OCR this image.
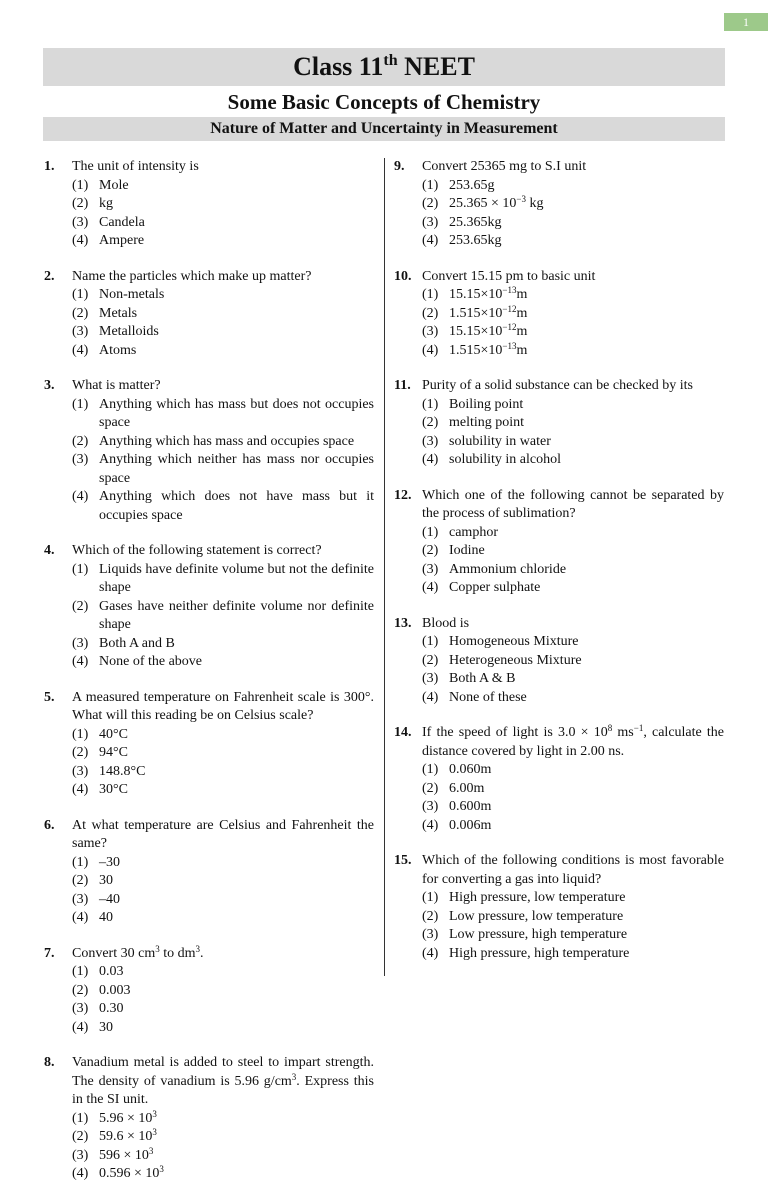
1
Class 11th NEET
Some Basic Concepts of Chemistry
Nature of Matter and Uncertainty in Measurement
1. The unit of intensity is
(1) Mole
(2) kg
(3) Candela
(4) Ampere
2. Name the particles which make up matter?
(1) Non-metals
(2) Metals
(3) Metalloids
(4) Atoms
3. What is matter?
(1) Anything which has mass but does not occupies space
(2) Anything which has mass and occupies space
(3) Anything which neither has mass nor occupies space
(4) Anything which does not have mass but it occupies space
4. Which of the following statement is correct?
(1) Liquids have definite volume but not the definite shape
(2) Gases have neither definite volume nor definite shape
(3) Both A and B
(4) None of the above
5. A measured temperature on Fahrenheit scale is 300°. What will this reading be on Celsius scale?
(1) 40°C
(2) 94°C
(3) 148.8°C
(4) 30°C
6. At what temperature are Celsius and Fahrenheit the same?
(1) –30
(2) 30
(3) –40
(4) 40
7. Convert 30 $cm^3$ to $dm^3$.
(1) 0.03
(2) 0.003
(3) 0.30
(4) 30
8. Vanadium metal is added to steel to impart strength. The density of vanadium is 5.96 $g/cm^3$. Express this in the SI unit.
(1) $5.96 \times 10^3$
(2) $59.6 \times 10^3$
(3) $596 \times 10^3$
(4) $0.596 \times 10^3$
9. Convert 25365 mg to S.I unit
(1) 253.65g
(2) $25.365 \times 10^{-3}$ kg
(3) 25.365kg
(4) 253.65kg
10. Convert 15.15 pm to basic unit
(1) $15.15\times 10^{-13}m$
(2) $1.515\times 10^{-12}m$
(3) $15.15\times 10^{-12}m$
(4) $1.515\times 10^{-13}m$
11. Purity of a solid substance can be checked by its
(1) Boiling point
(2) melting point
(3) solubility in water
(4) solubility in alcohol
12. Which one of the following cannot be separated by the process of sublimation?
(1) camphor
(2) Iodine
(3) Ammonium chloride
(4) Copper sulphate
13. Blood is
(1) Homogeneous Mixture
(2) Heterogeneous Mixture
(3) Both A & B
(4) None of these
14. If the speed of light is $3.0 \times 10^8$ $ms^{-1}$, calculate the distance covered by light in 2.00 ns.
(1) 0.060m
(2) 6.00m
(3) 0.600m
(4) 0.006m
15. Which of the following conditions is most favorable for converting a gas into liquid?
(1) High pressure, low temperature
(2) Low pressure, low temperature
(3) Low pressure, high temperature
(4) High pressure, high temperature
